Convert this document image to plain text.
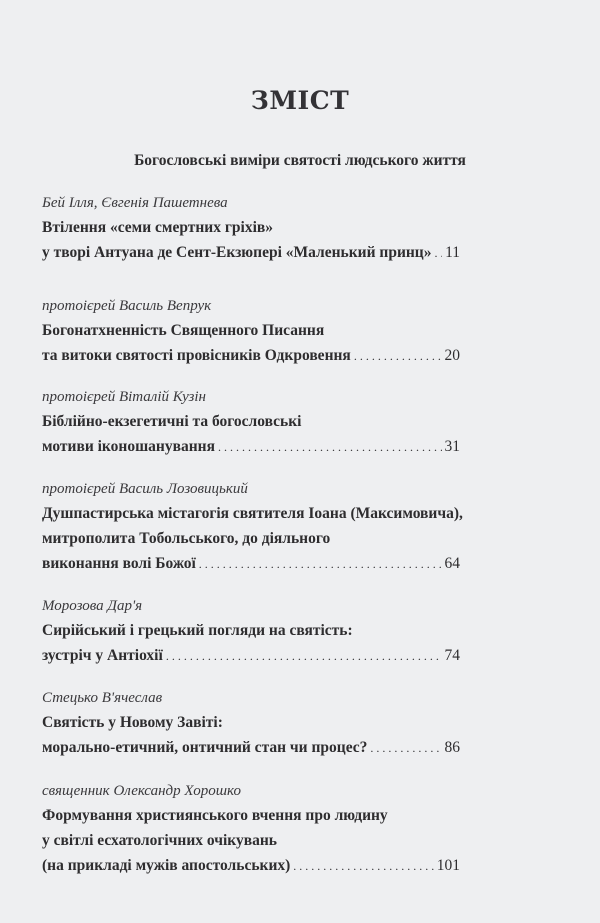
ЗМІСТ
Богословські виміри святості людського життя
Бей Ілля, Євгенія Пашетнева
Втілення «семи смертних гріхів»
у творі Антуана де Сент-Екзюпері «Маленький принц» . . . 11
протоієрей Василь Вепрук
Богонатхненність Священного Писання
та витоки святості провісників Одкровення . . .	20
протоієрей Віталій Кузін
Біблійно-екзегетичні та богословські
мотиви іконошанування . . .	31
протоієрей Василь Лозовицький
Душпастирська містагогія святителя Іоана (Максимовича),
митрополита Тобольського, до діяльного
виконання волі Божої . . .	64
Морозова Дар'я
Сирійський і грецький погляди на святість:
зустріч у Антіохії . . .	74
Стецько В'ячеслав
Святість у Новому Завіті:
морально-етичний, онтичний стан чи процес? . . .	86
священник Олександр Хорошко
Формування християнського вчення про людину
у світлі есхатологічних очікувань
(на прикладі мужів апостольських) . . .	101
